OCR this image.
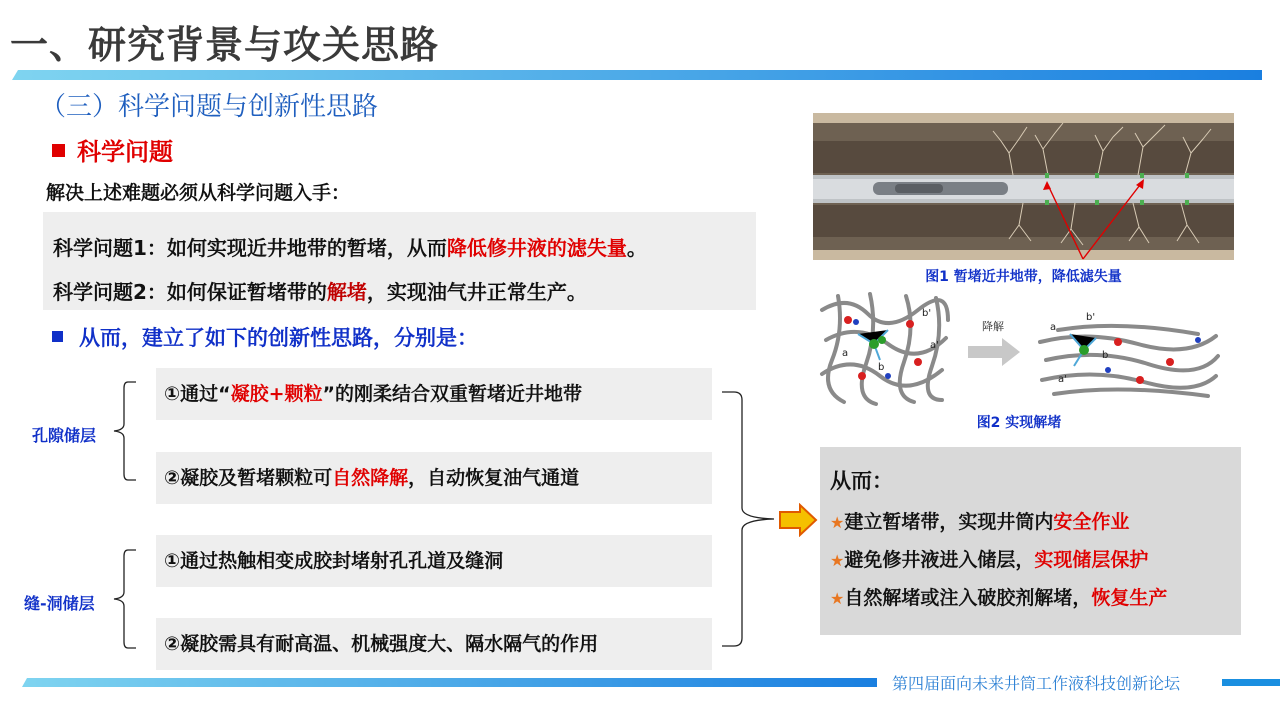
一、研究背景与攻关思路
（三）科学问题与创新性思路
科学问题
解决上述难题必须从科学问题入手：
科学问题1：如何实现近井地带的暂堵，从而降低修井液的滤失量。
科学问题2：如何保证暂堵带的解堵，实现油气井正常生产。
从而，建立了如下的创新性思路，分别是：
孔隙储层
缝-洞储层
①通过“凝胶+颗粒”的刚柔结合双重暂堵近井地带
②凝胶及暂堵颗粒可自然降解，自动恢复油气通道
①通过热触相变成胶封堵射孔孔道及缝洞
②凝胶需具有耐高温、机械强度大、隔水隔气的作用
图1 暂堵近井地带，降低滤失量
降解
a
b
b'
a'
a
b'
a'
b
图2 实现解堵
从而：
★建立暂堵带，实现井筒内安全作业
★避免修井液进入储层，实现储层保护
★自然解堵或注入破胶剂解堵，恢复生产
第四届面向未来井筒工作液科技创新论坛
